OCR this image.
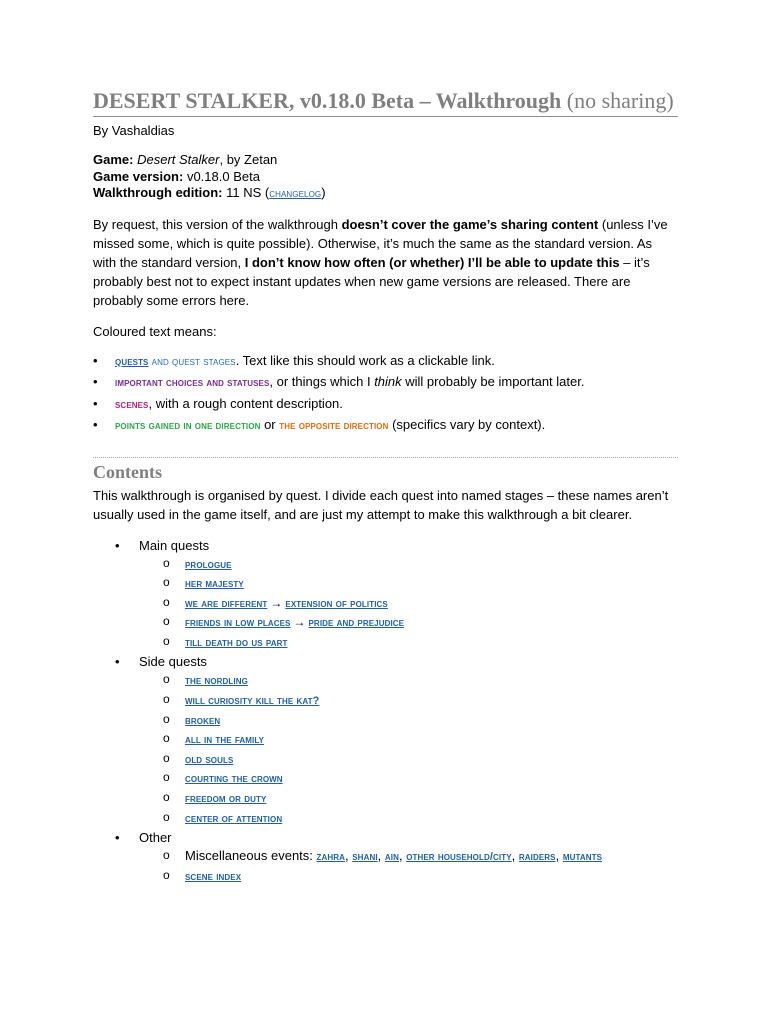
DESERT STALKER, v0.18.0 Beta – Walkthrough (no sharing)
By Vashaldias
Game: Desert Stalker, by Zetan
Game version: v0.18.0 Beta
Walkthrough edition: 11 NS (changelog)

By request, this version of the walkthrough doesn’t cover the game’s sharing content (unless I’ve missed some, which is quite possible). Otherwise, it’s much the same as the standard version. As with the standard version, I don’t know how often (or whether) I’ll be able to update this – it’s probably best not to expect instant updates when new game versions are released. There are probably some errors here.

Coloured text means:

• quests and quest stages. Text like this should work as a clickable link.
• important choices and statuses, or things which I think will probably be important later.
• scenes, with a rough content description.
• points gained in one direction or the opposite direction (specifics vary by context).
Contents

This walkthrough is organised by quest. I divide each quest into named stages – these names aren’t usually used in the game itself, and are just my attempt to make this walkthrough a bit clearer.

• Main quests
o prologue
o her majesty
o we are different → extension of politics
o friends in low places → pride and prejudice
o till death do us part
• Side quests
o the nordling
o will curiosity kill the kat?
o broken
o all in the family
o old souls
o courting the crown
o freedom or duty
o center of attention
• Other
o Miscellaneous events: zahra, shani, ain, other household/city, raiders, mutants
o scene index
